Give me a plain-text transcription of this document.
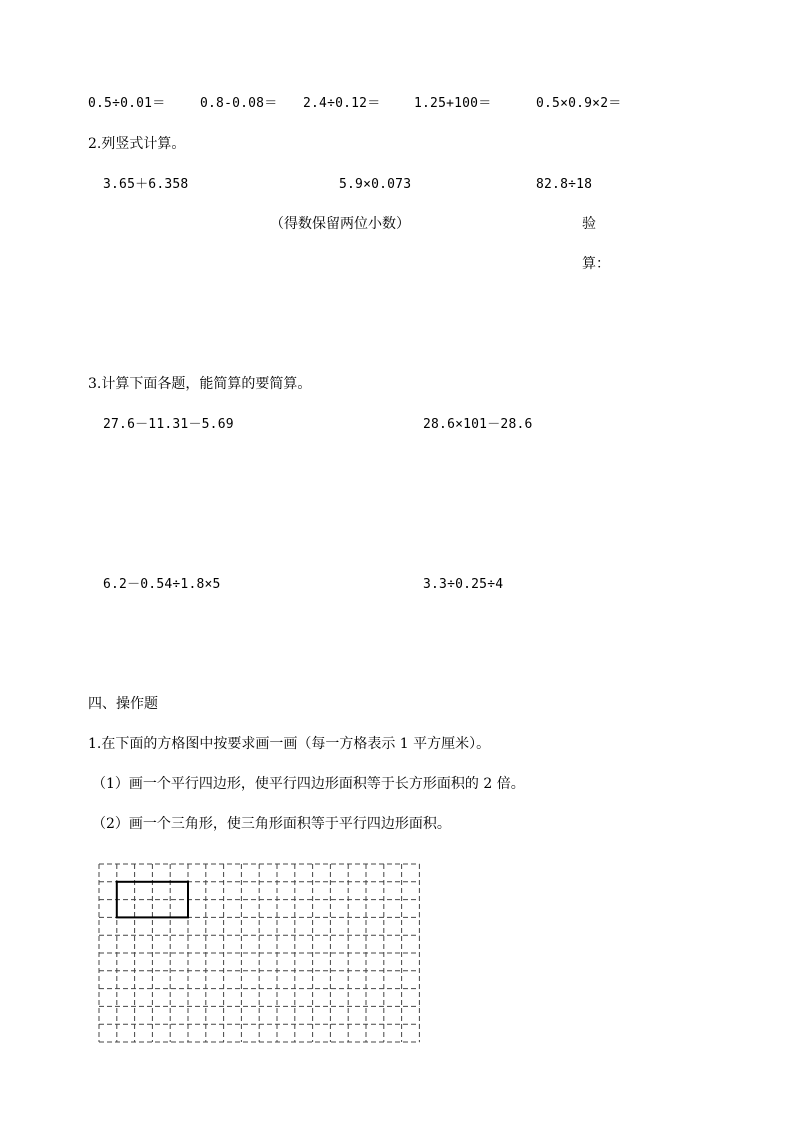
0.5÷0.01＝	0.8-0.08＝ 2.4÷0.12＝	1.25+100＝	0.5×0.9×2＝
2.列竖式计算。
3.65＋6.358	5.9×0.073	82.8÷18
（得数保留两位小数）	验
算：
3.计算下面各题，能简算的要简算。
27.6－11.31－5.69	28.6×101－28.6
6.2－0.54÷1.8×5	3.3÷0.25÷4
四、操作题
1.在下面的方格图中按要求画一画（每一方格表示 1 平方厘米）。
（1）画一个平行四边形，使平行四边形面积等于长方形面积的 2 倍。
（2）画一个三角形，使三角形面积等于平行四边形面积。
